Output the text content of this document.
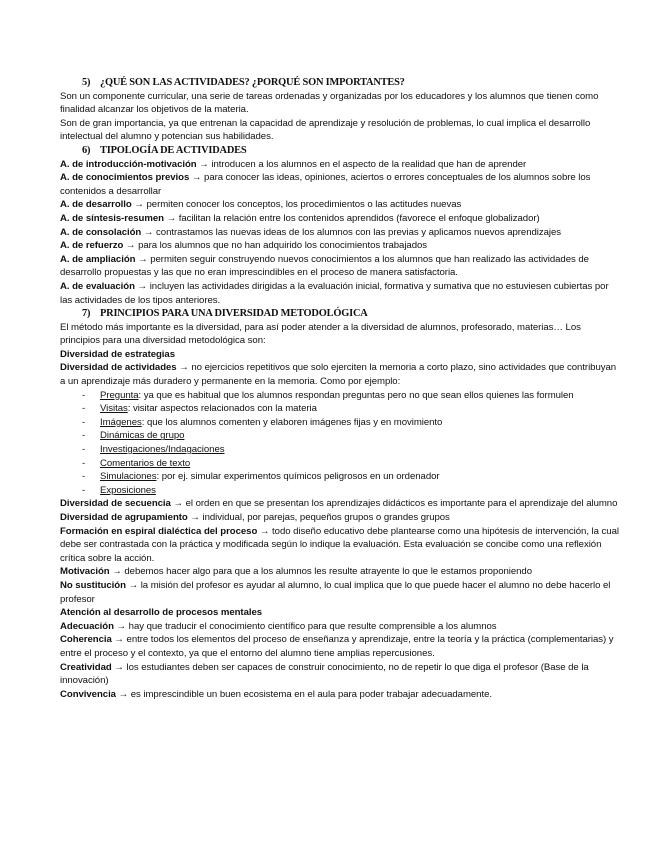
5) ¿QUÉ SON LAS ACTIVIDADES? ¿PORQUÉ SON IMPORTANTES?

Son un componente curricular, una serie de tareas ordenadas y organizadas por los educadores y los alumnos que tienen como finalidad alcanzar los objetivos de la materia.

Son de gran importancia, ya que entrenan la capacidad de aprendizaje y resolución de problemas, lo cual implica el desarrollo intelectual del alumno y potencian sus habilidades.

6) TIPOLOGÍA DE ACTIVIDADES

A. de introducción-motivación → introducen a los alumnos en el aspecto de la realidad que han de aprender

A. de conocimientos previos → para conocer las ideas, opiniones, aciertos o errores conceptuales de los alumnos sobre los contenidos a desarrollar

A. de desarrollo → permiten conocer los conceptos, los procedimientos o las actitudes nuevas

A. de síntesis-resumen → facilitan la relación entre los contenidos aprendidos (favorece el enfoque globalizador)

A. de consolación → contrastamos las nuevas ideas de los alumnos con las previas y aplicamos nuevos aprendizajes

A. de refuerzo → para los alumnos que no han adquirido los conocimientos trabajados

A. de ampliación → permiten seguir construyendo nuevos conocimientos a los alumnos que han realizado las actividades de desarrollo propuestas y las que no eran imprescindibles en el proceso de manera satisfactoria.

A. de evaluación → incluyen las actividades dirigidas a la evaluación inicial, formativa y sumativa que no estuviesen cubiertas por las actividades de los tipos anteriores.

7) PRINCIPIOS PARA UNA DIVERSIDAD METODOLÓGICA

El método más importante es la diversidad, para así poder atender a la diversidad de alumnos, profesorado, materias… Los principios para una diversidad metodológica son:

Diversidad de estrategias

Diversidad de actividades → no ejercicios repetitivos que solo ejerciten la memoria a corto plazo, sino actividades que contribuyan a un aprendizaje más duradero y permanente en la memoria. Como por ejemplo:

- Pregunta: ya que es habitual que los alumnos respondan preguntas pero no que sean ellos quienes las formulen
- Visitas: visitar aspectos relacionados con la materia
- Imágenes: que los alumnos comenten y elaboren imágenes fijas y en movimiento
- Dinámicas de grupo
- Investigaciones/Indagaciones
- Comentarios de texto
- Simulaciones: por ej. simular experimentos químicos peligrosos en un ordenador
- Exposiciones

Diversidad de secuencia → el orden en que se presentan los aprendizajes didácticos es importante para el aprendizaje del alumno

Diversidad de agrupamiento → individual, por parejas, pequeños grupos o grandes grupos

Formación en espiral dialéctica del proceso → todo diseño educativo debe plantearse como una hipótesis de intervención, la cual debe ser contrastada con la práctica y modificada según lo indique la evaluación. Esta evaluación se concibe como una reflexión crítica sobre la acción.

Motivación → debemos hacer algo para que a los alumnos les resulte atrayente lo que le estamos proponiendo

No sustitución → la misión del profesor es ayudar al alumno, lo cual implica que lo que puede hacer el alumno no debe hacerlo el profesor

Atención al desarrollo de procesos mentales

Adecuación → hay que traducir el conocimiento científico para que resulte comprensible a los alumnos

Coherencia → entre todos los elementos del proceso de enseñanza y aprendizaje, entre la teoría y la práctica (complementarias) y entre el proceso y el contexto, ya que el entorno del alumno tiene amplias repercusiones.

Creatividad → los estudiantes deben ser capaces de construir conocimiento, no de repetir lo que diga el profesor (Base de la innovación)

Convivencia → es imprescindible un buen ecosistema en el aula para poder trabajar adecuadamente.
